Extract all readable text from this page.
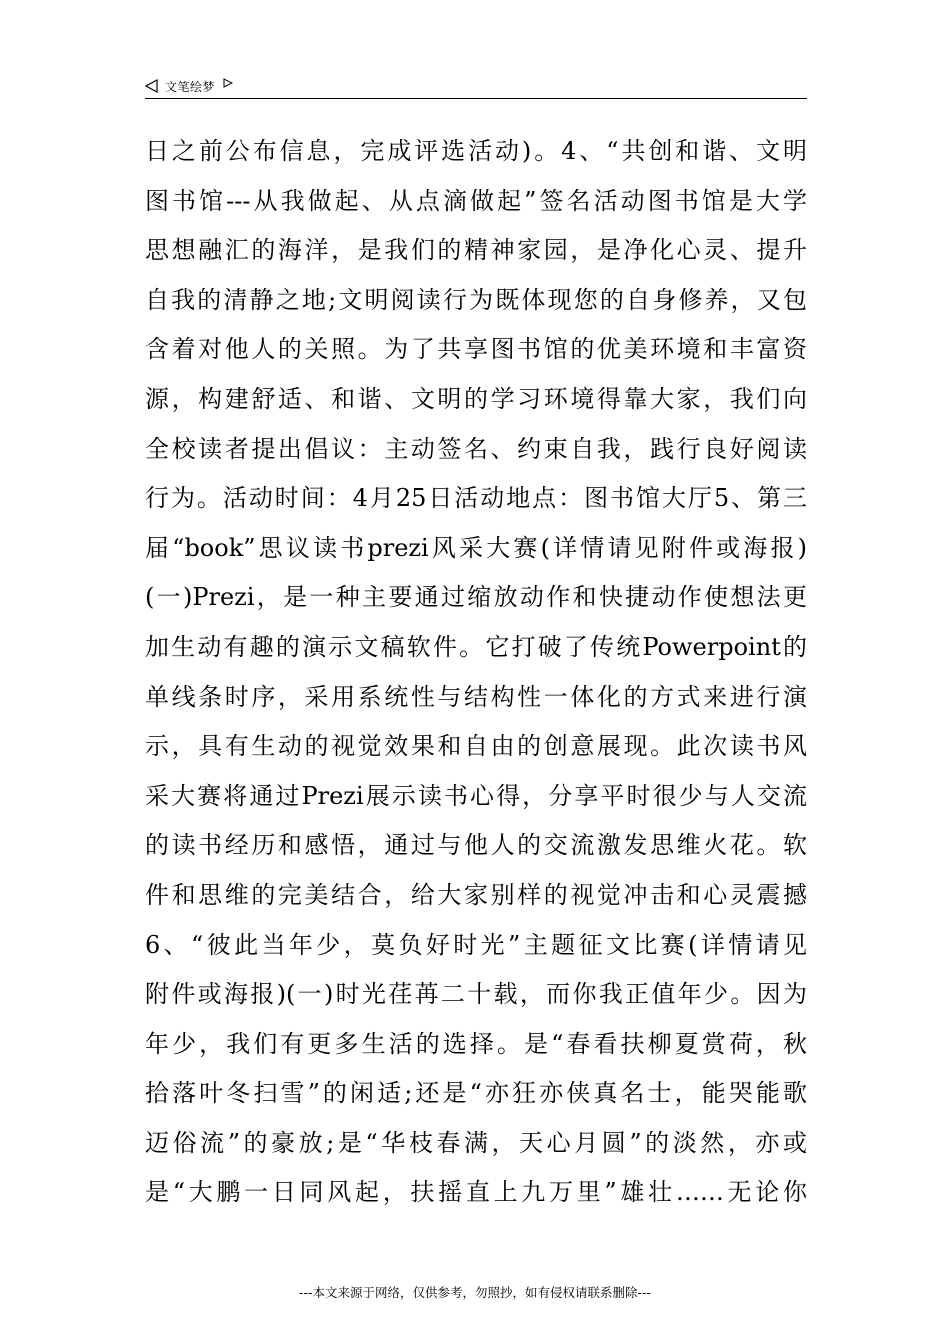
文笔绘梦
日之前公布信息，完成评选活动)。4、“共创和谐、文明
图书馆---从我做起、从点滴做起”签名活动图书馆是大学
思想融汇的海洋，是我们的精神家园，是净化心灵、提升
自我的清静之地;文明阅读行为既体现您的自身修养，又包
含着对他人的关照。为了共享图书馆的优美环境和丰富资
源，构建舒适、和谐、文明的学习环境得靠大家，我们向
全校读者提出倡议：主动签名、约束自我，践行良好阅读
行为。活动时间：4月25日活动地点：图书馆大厅5、第三
届“book”思议读书prezi风采大赛(详情请见附件或海报)
(一)Prezi，是一种主要通过缩放动作和快捷动作使想法更
加生动有趣的演示文稿软件。它打破了传统Powerpoint的
单线条时序，采用系统性与结构性一体化的方式来进行演
示，具有生动的视觉效果和自由的创意展现。此次读书风
采大赛将通过Prezi展示读书心得，分享平时很少与人交流
的读书经历和感悟，通过与他人的交流激发思维火花。软
件和思维的完美结合，给大家别样的视觉冲击和心灵震撼
6、“彼此当年少，莫负好时光”主题征文比赛(详情请见
附件或海报)(一)时光荏苒二十载，而你我正值年少。因为
年少，我们有更多生活的选择。是“春看扶柳夏赏荷，秋
拾落叶冬扫雪”的闲适;还是“亦狂亦侠真名士，能哭能歌
迈俗流”的豪放;是“华枝春满，天心月圆”的淡然，亦或
是“大鹏一日同风起，扶摇直上九万里”雄壮……无论你
---本文来源于网络，仅供参考，勿照抄，如有侵权请联系删除---
